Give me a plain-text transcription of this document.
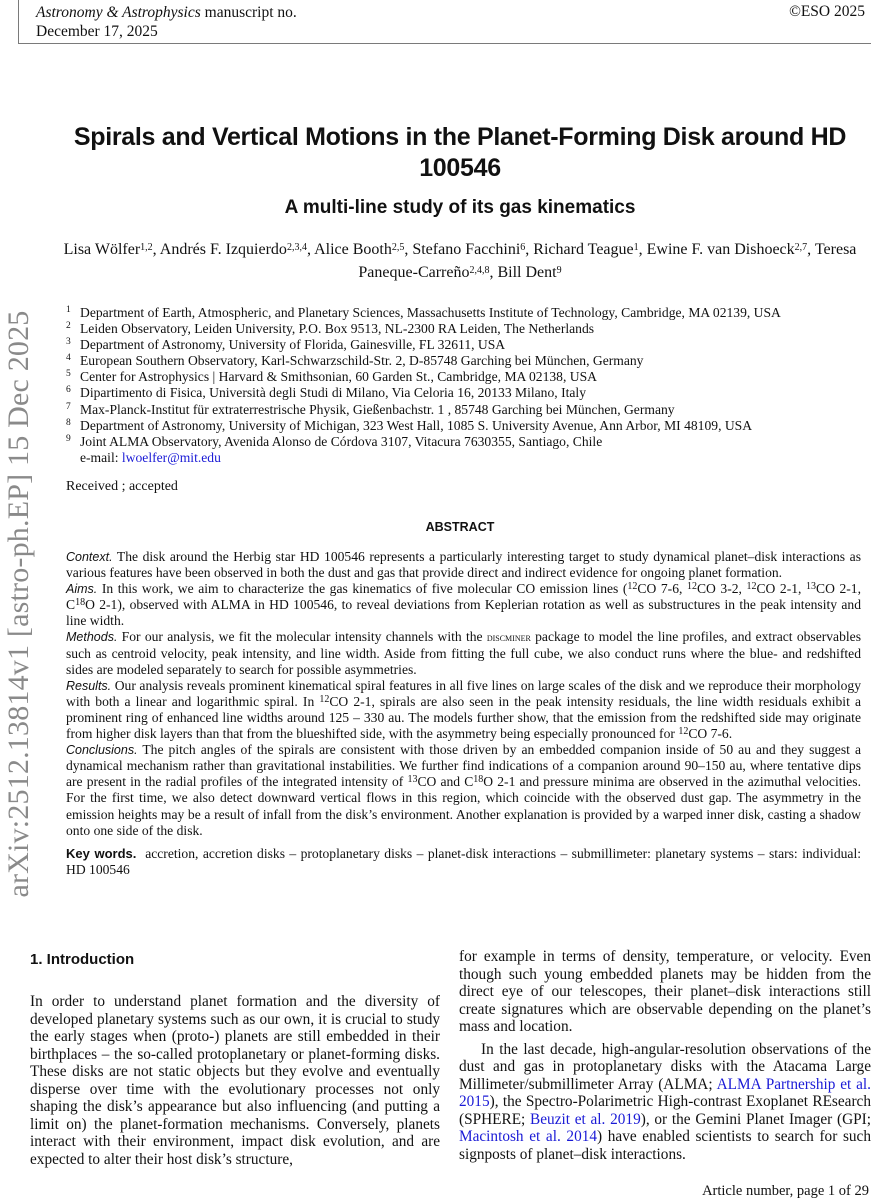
Astronomy & Astrophysics manuscript no.
December 17, 2025
©ESO 2025
arXiv:2512.13814v1 [astro-ph.EP] 15 Dec 2025
Spirals and Vertical Motions in the Planet-Forming Disk around HD 100546
A multi-line study of its gas kinematics
Lisa Wölfer$^{1,2}$, Andrés F. Izquierdo$^{2,3,4}$, Alice Booth$^{2,5}$, Stefano Facchini$^6$, Richard Teague$^1$, Ewine F. van Dishoeck$^{2,7}$, Teresa Paneque-Carreño$^{2,4,8}$, Bill Dent$^9$
1 Department of Earth, Atmospheric, and Planetary Sciences, Massachusetts Institute of Technology, Cambridge, MA 02139, USA
2 Leiden Observatory, Leiden University, P.O. Box 9513, NL-2300 RA Leiden, The Netherlands
3 Department of Astronomy, University of Florida, Gainesville, FL 32611, USA
4 European Southern Observatory, Karl-Schwarzschild-Str. 2, D-85748 Garching bei München, Germany
5 Center for Astrophysics | Harvard & Smithsonian, 60 Garden St., Cambridge, MA 02138, USA
6 Dipartimento di Fisica, Università degli Studi di Milano, Via Celoria 16, 20133 Milano, Italy
7 Max-Planck-Institut für extraterrestrische Physik, Gießenbachstr. 1 , 85748 Garching bei München, Germany
8 Department of Astronomy, University of Michigan, 323 West Hall, 1085 S. University Avenue, Ann Arbor, MI 48109, USA
9 Joint ALMA Observatory, Avenida Alonso de Córdova 3107, Vitacura 7630355, Santiago, Chile
e-mail: lwoelfer@mit.edu
Received ; accepted
ABSTRACT

Context. The disk around the Herbig star HD 100546 represents a particularly interesting target to study dynamical planet–disk interactions as various features have been observed in both the dust and gas that provide direct and indirect evidence for ongoing planet formation.

Aims. In this work, we aim to characterize the gas kinematics of five molecular CO emission lines ($^{12}$CO 7-6, $^{12}$CO 3-2, $^{12}$CO 2-1, $^{13}$CO 2-1, $C^{18}O$ 2-1), observed with ALMA in HD 100546, to reveal deviations from Keplerian rotation as well as substructures in the peak intensity and line width.

Methods. For our analysis, we fit the molecular intensity channels with the discminer package to model the line profiles, and extract observables such as centroid velocity, peak intensity, and line width. Aside from fitting the full cube, we also conduct runs where the blue- and redshifted sides are modeled separately to search for possible asymmetries.

Results. Our analysis reveals prominent kinematical spiral features in all five lines on large scales of the disk and we reproduce their morphology with both a linear and logarithmic spiral. In $^{12}$CO 2-1, spirals are also seen in the peak intensity residuals, the line width residuals exhibit a prominent ring of enhanced line widths around 125 – 330 au. The models further show, that the emission from the redshifted side may originate from higher disk layers than that from the blueshifted side, with the asymmetry being especially pronounced for $^{12}$CO 7-6.

Conclusions. The pitch angles of the spirals are consistent with those driven by an embedded companion inside of 50 au and they suggest a dynamical mechanism rather than gravitational instabilities. We further find indications of a companion around 90–150 au, where tentative dips are present in the radial profiles of the integrated intensity of $^{13}$CO and $C^{18}O$ 2-1 and pressure minima are observed in the azimuthal velocities. For the first time, we also detect downward vertical flows in this region, which coincide with the observed dust gap. The asymmetry in the emission heights may be a result of infall from the disk’s environment. Another explanation is provided by a warped inner disk, casting a shadow onto one side of the disk.

Key words. accretion, accretion disks – protoplanetary disks – planet-disk interactions – submillimeter: planetary systems – stars: individual: HD 100546

1. Introduction

In order to understand planet formation and the diversity of developed planetary systems such as our own, it is crucial to study the early stages when (proto-) planets are still embedded in their birthplaces – the so-called protoplanetary or planet-forming disks. These disks are not static objects but they evolve and eventually disperse over time with the evolutionary processes not only shaping the disk’s appearance but also influencing (and putting a limit on) the planet-formation mechanisms. Conversely, planets interact with their environment, impact disk evolution, and are expected to alter their host disk’s structure,

for example in terms of density, temperature, or velocity. Even though such young embedded planets may be hidden from the direct eye of our telescopes, their planet–disk interactions still create signatures which are observable depending on the planet’s mass and location.

In the last decade, high-angular-resolution observations of the dust and gas in protoplanetary disks with the Atacama Large Millimeter/submillimeter Array (ALMA; ALMA Partnership et al. 2015), the Spectro-Polarimetric High-contrast Exoplanet REsearch (SPHERE; Beuzit et al. 2019), or the Gemini Planet Imager (GPI; Macintosh et al. 2014) have enabled scientists to search for such signposts of planet–disk interactions.

Article number, page 1 of 29
